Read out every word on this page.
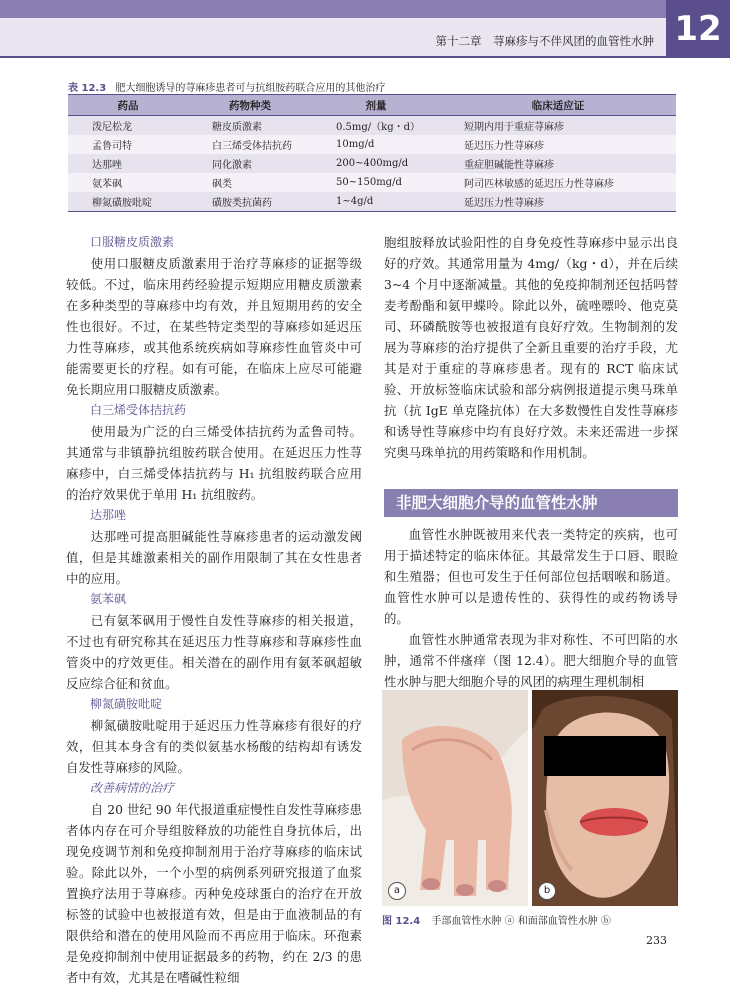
第十二章　荨麻疹与不伴风团的血管性水肿 12
表 12.3 肥大细胞诱导的荨麻疹患者可与抗组胺药联合应用的其他治疗
药品	药物种类	剂量	临床适应证
泼尼松龙	糖皮质激素	0.5mg/（kg・d）	短期内用于重症荨麻疹
孟鲁司特	白三烯受体拮抗药	10mg/d	延迟压力性荨麻疹
达那唑	同化激素	200~400mg/d	重症胆碱能性荨麻疹
氨苯砜	砜类	50~150mg/d	阿司匹林敏感的延迟压力性荨麻疹
柳氮磺胺吡啶	磺胺类抗菌药	1~4g/d	延迟压力性荨麻疹
口服糖皮质激素

使用口服糖皮质激素用于治疗荨麻疹的证据等级较低。不过，临床用药经验提示短期应用糖皮质激素在多种类型的荨麻疹中均有效，并且短期用药的安全性也很好。不过，在某些特定类型的荨麻疹如延迟压力性荨麻疹，或其他系统疾病如荨麻疹性血管炎中可能需要更长的疗程。如有可能，在临床上应尽可能避免长期应用口服糖皮质激素。

白三烯受体拮抗药

使用最为广泛的白三烯受体拮抗药为孟鲁司特。其通常与非镇静抗组胺药联合使用。在延迟压力性荨麻疹中，白三烯受体拮抗药与 H₁ 抗组胺药联合应用的治疗效果优于单用 H₁ 抗组胺药。

达那唑

达那唑可提高胆碱能性荨麻疹患者的运动激发阈值，但是其雄激素相关的副作用限制了其在女性患者中的应用。

氨苯砜

已有氨苯砜用于慢性自发性荨麻疹的相关报道，不过也有研究称其在延迟压力性荨麻疹和荨麻疹性血管炎中的疗效更佳。相关潜在的副作用有氨苯砜超敏反应综合征和贫血。

柳氮磺胺吡啶

柳氮磺胺吡啶用于延迟压力性荨麻疹有很好的疗效，但其本身含有的类似氨基水杨酸的结构却有诱发自发性荨麻疹的风险。

改善病情的治疗

自 20 世纪 90 年代报道重症慢性自发性荨麻疹患者体内存在可介导组胺释放的功能性自身抗体后，出现免疫调节剂和免疫抑制剂用于治疗荨麻疹的临床试验。除此以外，一个小型的病例系列研究报道了血浆置换疗法用于荨麻疹。丙种免疫球蛋白的治疗在开放标签的试验中也被报道有效，但是由于血液制品的有限供给和潜在的使用风险而不再应用于临床。环孢素是免疫抑制剂中使用证据最多的药物，约在 2/3 的患者中有效，尤其是在嗜碱性粒细

胞组胺释放试验阳性的自身免疫性荨麻疹中显示出良好的疗效。其通常用量为 4mg/（kg・d），并在后续 3~4 个月中逐渐减量。其他的免疫抑制剂还包括吗替麦考酚酯和氨甲蝶呤。除此以外，硫唑嘌呤、他克莫司、环磷酰胺等也被报道有良好疗效。生物制剂的发展为荨麻疹的治疗提供了全新且重要的治疗手段，尤其是对于重症的荨麻疹患者。现有的 RCT 临床试验、开放标签临床试验和部分病例报道提示奥马珠单抗（抗 IgE 单克隆抗体）在大多数慢性自发性荨麻疹和诱导性荨麻疹中均有良好疗效。未来还需进一步探究奥马珠单抗的用药策略和作用机制。

非肥大细胞介导的血管性水肿

血管性水肿既被用来代表一类特定的疾病，也可用于描述特定的临床体征。其最常发生于口唇、眼睑和生殖器；但也可发生于任何部位包括咽喉和肠道。血管性水肿可以是遗传性的、获得性的或药物诱导的。

血管性水肿通常表现为非对称性、不可凹陷的水肿，通常不伴瘙痒（图 12.4）。肥大细胞介导的血管性水肿与肥大细胞介导的风团的病理生理机制相

a	b
图 12.4 手部血管性水肿 ⓐ 和面部血管性水肿 ⓑ
233
